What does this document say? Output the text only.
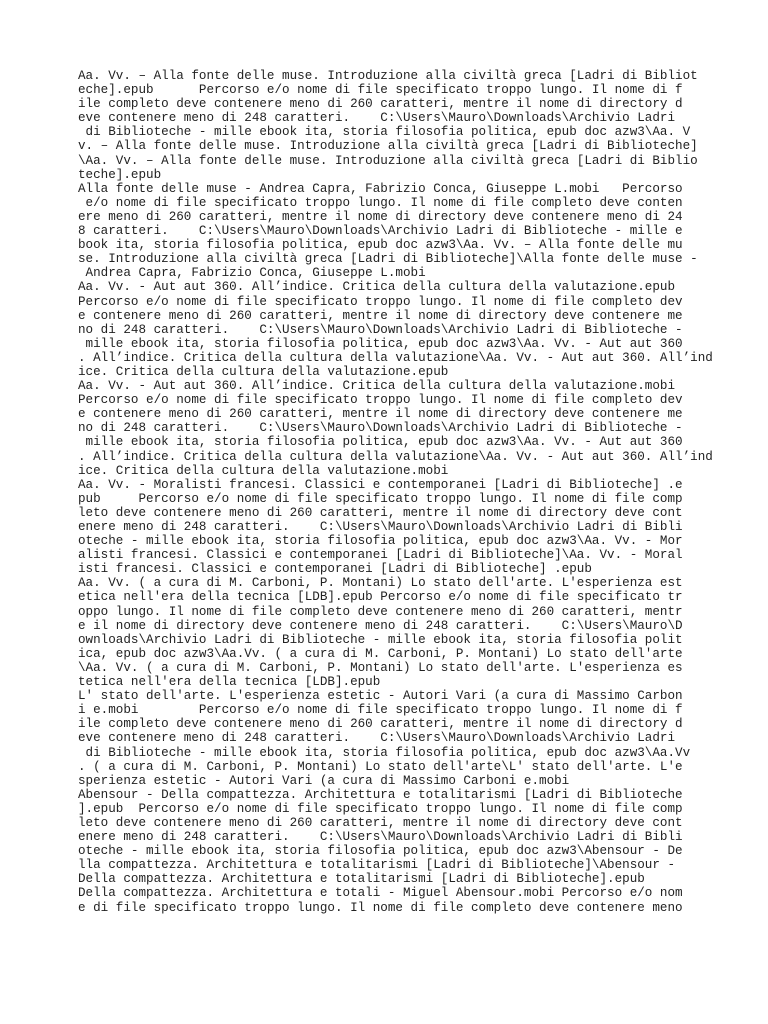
Aa. Vv. – Alla fonte delle muse. Introduzione alla civiltà greca [Ladri di Bibliot
eche].epub      Percorso e/o nome di file specificato troppo lungo. Il nome di f
ile completo deve contenere meno di 260 caratteri, mentre il nome di directory d
eve contenere meno di 248 caratteri.    C:\Users\Mauro\Downloads\Archivio Ladri
di Biblioteche - mille ebook ita, storia filosofia politica, epub doc azw3\Aa. V
v. – Alla fonte delle muse. Introduzione alla civiltà greca [Ladri di Biblioteche]
\Aa. Vv. – Alla fonte delle muse. Introduzione alla civiltà greca [Ladri di Biblio
teche].epub
Alla fonte delle muse - Andrea Capra, Fabrizio Conca, Giuseppe L.mobi   Percorso
e/o nome di file specificato troppo lungo. Il nome di file completo deve conten
ere meno di 260 caratteri, mentre il nome di directory deve contenere meno di 24
8 caratteri.    C:\Users\Mauro\Downloads\Archivio Ladri di Biblioteche - mille e
book ita, storia filosofia politica, epub doc azw3\Aa. Vv. – Alla fonte delle mu
se. Introduzione alla civiltà greca [Ladri di Biblioteche]\Alla fonte delle muse -
Andrea Capra, Fabrizio Conca, Giuseppe L.mobi
Aa. Vv. - Aut aut 360. All’indice. Critica della cultura della valutazione.epub
Percorso e/o nome di file specificato troppo lungo. Il nome di file completo dev
e contenere meno di 260 caratteri, mentre il nome di directory deve contenere me
no di 248 caratteri.    C:\Users\Mauro\Downloads\Archivio Ladri di Biblioteche -
mille ebook ita, storia filosofia politica, epub doc azw3\Aa. Vv. - Aut aut 360
. All’indice. Critica della cultura della valutazione\Aa. Vv. - Aut aut 360. All’ind
ice. Critica della cultura della valutazione.epub
Aa. Vv. - Aut aut 360. All’indice. Critica della cultura della valutazione.mobi
Percorso e/o nome di file specificato troppo lungo. Il nome di file completo dev
e contenere meno di 260 caratteri, mentre il nome di directory deve contenere me
no di 248 caratteri.    C:\Users\Mauro\Downloads\Archivio Ladri di Biblioteche -
mille ebook ita, storia filosofia politica, epub doc azw3\Aa. Vv. - Aut aut 360
. All’indice. Critica della cultura della valutazione\Aa. Vv. - Aut aut 360. All’ind
ice. Critica della cultura della valutazione.mobi
Aa. Vv. - Moralisti francesi. Classici e contemporanei [Ladri di Biblioteche] .e
pub     Percorso e/o nome di file specificato troppo lungo. Il nome di file comp
leto deve contenere meno di 260 caratteri, mentre il nome di directory deve cont
enere meno di 248 caratteri.    C:\Users\Mauro\Downloads\Archivio Ladri di Bibli
oteche - mille ebook ita, storia filosofia politica, epub doc azw3\Aa. Vv. - Mor
alisti francesi. Classici e contemporanei [Ladri di Biblioteche]\Aa. Vv. - Moral
isti francesi. Classici e contemporanei [Ladri di Biblioteche] .epub
Aa. Vv. ( a cura di M. Carboni, P. Montani) Lo stato dell'arte. L'esperienza est
etica nell'era della tecnica [LDB].epub Percorso e/o nome di file specificato tr
oppo lungo. Il nome di file completo deve contenere meno di 260 caratteri, mentr
e il nome di directory deve contenere meno di 248 caratteri.    C:\Users\Mauro\D
ownloads\Archivio Ladri di Biblioteche - mille ebook ita, storia filosofia polit
ica, epub doc azw3\Aa.Vv. ( a cura di M. Carboni, P. Montani) Lo stato dell'arte
\Aa. Vv. ( a cura di M. Carboni, P. Montani) Lo stato dell'arte. L'esperienza es
tetica nell'era della tecnica [LDB].epub
L' stato dell'arte. L'esperienza estetic - Autori Vari (a cura di Massimo Carbon
i e.mobi        Percorso e/o nome di file specificato troppo lungo. Il nome di f
ile completo deve contenere meno di 260 caratteri, mentre il nome di directory d
eve contenere meno di 248 caratteri.    C:\Users\Mauro\Downloads\Archivio Ladri
di Biblioteche - mille ebook ita, storia filosofia politica, epub doc azw3\Aa.Vv
. ( a cura di M. Carboni, P. Montani) Lo stato dell'arte\L' stato dell'arte. L'e
sperienza estetic - Autori Vari (a cura di Massimo Carboni e.mobi
Abensour - Della compattezza. Architettura e totalitarismi [Ladri di Biblioteche
].epub  Percorso e/o nome di file specificato troppo lungo. Il nome di file comp
leto deve contenere meno di 260 caratteri, mentre il nome di directory deve cont
enere meno di 248 caratteri.    C:\Users\Mauro\Downloads\Archivio Ladri di Bibli
oteche - mille ebook ita, storia filosofia politica, epub doc azw3\Abensour - De
lla compattezza. Architettura e totalitarismi [Ladri di Biblioteche]\Abensour -
Della compattezza. Architettura e totalitarismi [Ladri di Biblioteche].epub
Della compattezza. Architettura e totali - Miguel Abensour.mobi Percorso e/o nom
e di file specificato troppo lungo. Il nome di file completo deve contenere meno
